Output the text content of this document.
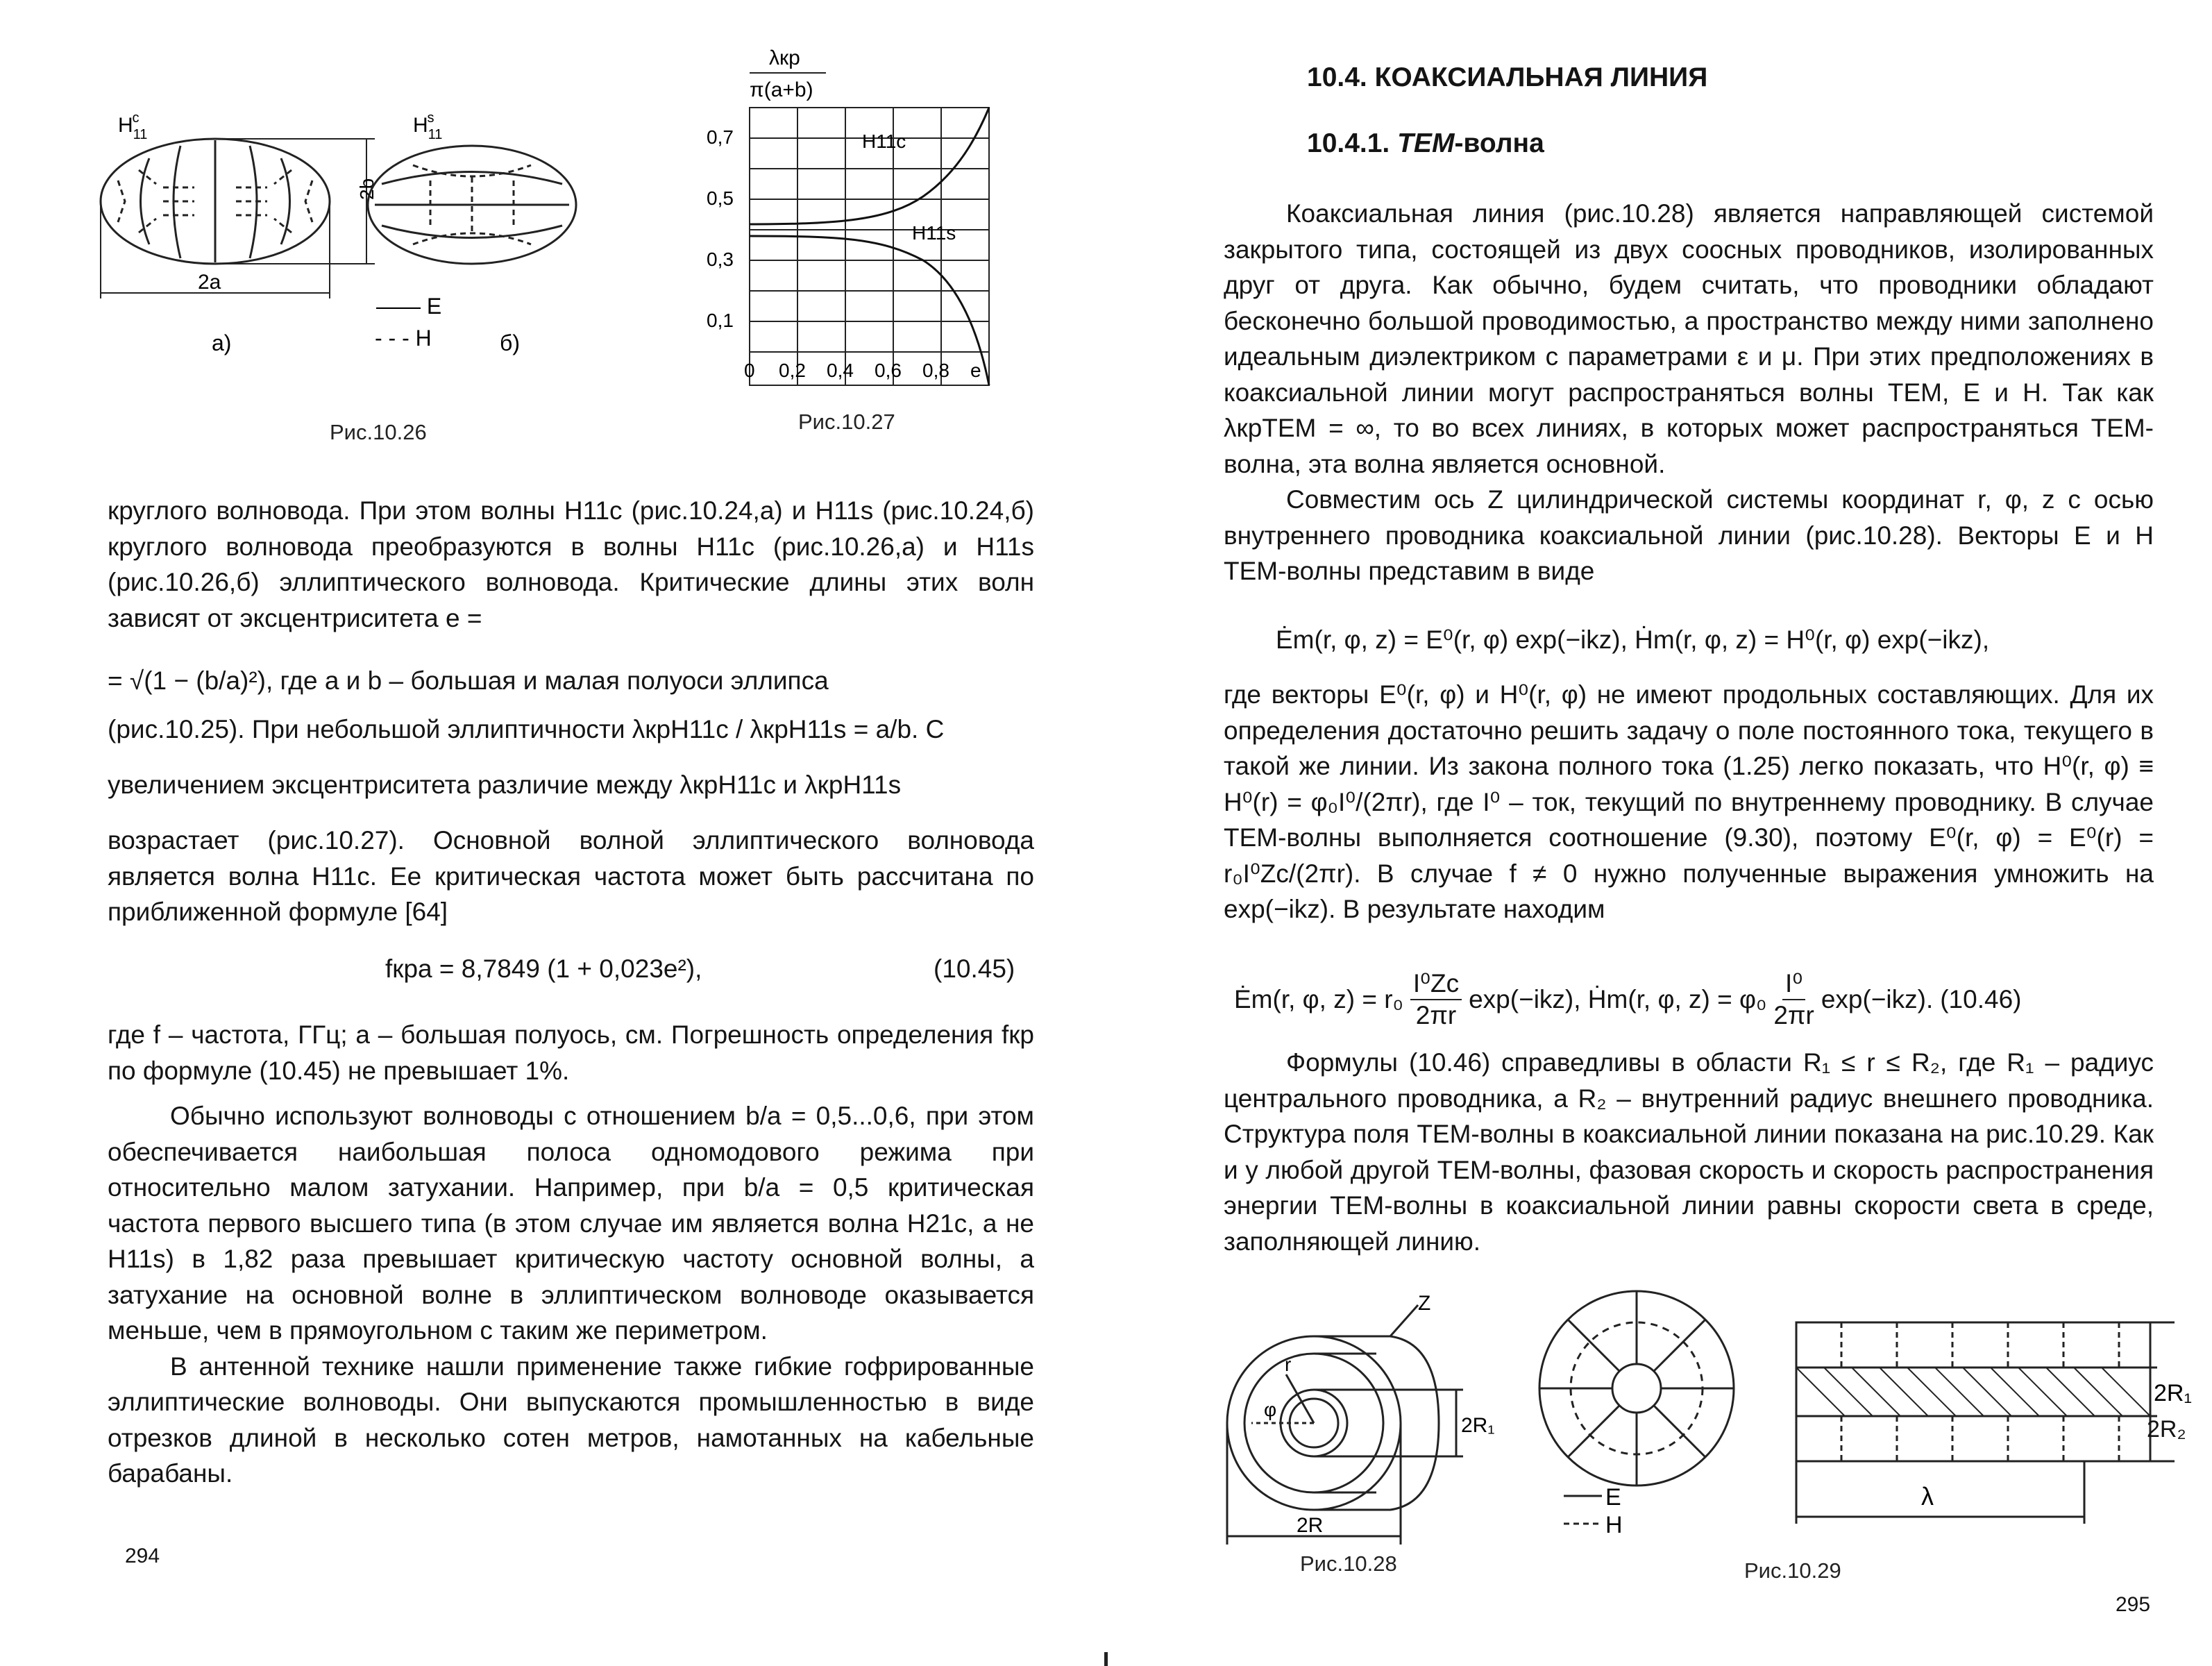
$H_{11}c$	$H_{11}s$
2b
2a
—— E
- - - H
а)	б)
Рис.10.26
λкр
π(a+b)
H11c
H11s
0,7
0,5
0,3
0,1
0 0,2 0,4 0,6 0,8 e
Рис.10.27

круглого волновода. При этом волны H11c (рис.10.24,а) и H11s (рис.10.24,б) круглого волновода преобразуются в волны H11c (рис.10.26,а) и H11s (рис.10.26,б) эллиптического волновода. Критические длины этих волн зависят от эксцентриситета e =

= √(1 − (b/a)²), где a и b – большая и малая полуоси эллипса

(рис.10.25). При небольшой эллиптичности λкрH11c / λкрH11s = a/b. С

увеличением эксцентриситета различие между λкрH11c и λкрH11s

возрастает (рис.10.27). Основной волной эллиптического волновода является волна H11c. Ее критическая частота может быть рассчитана по приближенной формуле [64]

fкрa = 8,7849 (1 + 0,023e²),	(10.45)

где f – частота, ГГц; a – большая полуось, см. Погрешность определения fкр по формуле (10.45) не превышает 1%.

Обычно используют волноводы с отношением b/a = 0,5...0,6, при этом обеспечивается наибольшая полоса одномодового режима при относительно малом затухании. Например, при b/a = 0,5 критическая частота первого высшего типа (в этом случае им является волна H21c, а не H11s) в 1,82 раза превышает критическую частоту основной волны, а затухание на основной волне в эллиптическом волноводе оказывается меньше, чем в прямоугольном с таким же периметром.

В антенной технике нашли применение также гибкие гофрированные эллиптические волноводы. Они выпускаются промышленностью в виде отрезков длиной в несколько сотен метров, намотанных на кабельные барабаны.

294
10.4. КОАКСИАЛЬНАЯ ЛИНИЯ
10.4.1. TEM-волна

Коаксиальная линия (рис.10.28) является направляющей системой закрытого типа, состоящей из двух соосных проводников, изолированных друг от друга. Как обычно, будем считать, что проводники обладают бесконечно большой проводимостью, а пространство между ними заполнено идеальным диэлектриком с параметрами ε и μ. При этих предположениях в коаксиальной линии могут распространяться волны TEM, E и H. Так как λкрTEM = ∞, то во всех линиях, в которых может распространяться TEM-волна, эта волна является основной.

Совместим ось Z цилиндрической системы координат r, φ, z с осью внутреннего проводника коаксиальной линии (рис.10.28). Векторы E и H TEM-волны представим в виде

Ėm(r, φ, z) = E⁰(r, φ) exp(−ikz), Ḣm(r, φ, z) = H⁰(r, φ) exp(−ikz),

где векторы E⁰(r, φ) и H⁰(r, φ) не имеют продольных составляющих. Для их определения достаточно решить задачу о поле постоянного тока, текущего в такой же линии. Из закона полного тока (1.25) легко показать, что H⁰(r, φ) ≡ H⁰(r) = φ₀I⁰/(2πr), где I⁰ – ток, текущий по внутреннему проводнику. В случае TEM-волны выполняется соотношение (9.30), поэтому E⁰(r, φ) = E⁰(r) = r₀I⁰Zc/(2πr). В случае f ≠ 0 нужно полученные выражения умножить на exp(−ikz). В результате находим

Ėm(r, φ, $z) = r_0 \frac{\text{I⁰Zc}}{2\pi r} \exp(-ikz)$, Ḣm(r, φ, $z) = \varphi_0 \frac{\text{I⁰}}{2\pi r} \exp(-ikz)$. (10.46)

Формулы (10.46) справедливы в области R₁ ≤ r ≤ R₂, где R₁ – радиус центрального проводника, а R₂ – внутренний радиус внешнего проводника. Структура поля ТЕМ-волны в коаксиальной линии показана на рис.10.29. Как и у любой другой TEM-волны, фазовая скорость и скорость распространения энергии TEM-волны в коаксиальной линии равны скорости света в среде, заполняющей линию.

Z
r
φ
2R₁
2R
Рис.10.28
λ
2R₁
E
H
Рис.10.29
2R₂
295
